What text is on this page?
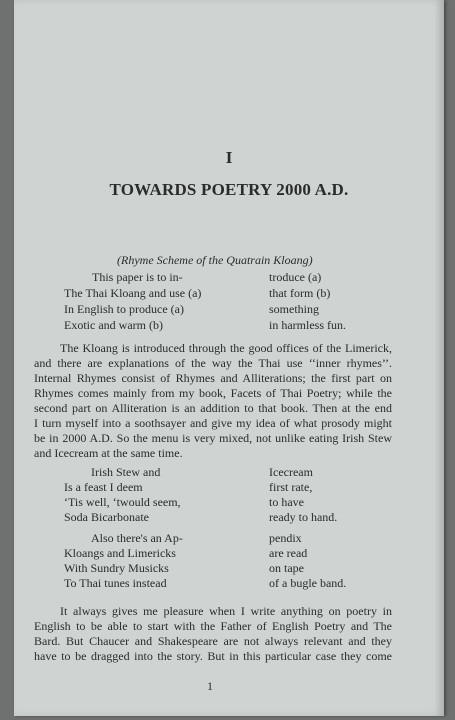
I
TOWARDS POETRY 2000 A.D.
(Rhyme Scheme of the Quatrain Kloang)
This paper is to in-	troduce (a)
The Thai Kloang and use (a)	that form (b)
In English to produce (a)	something
Exotic and warm (b)	in harmless fun.
The Kloang is introduced through the good offices of the Limerick,
and there are explanations of the way the Thai use ‘‘inner rhymes’’.
Internal Rhymes consist of Rhymes and Alliterations; the first part on
Rhymes comes mainly from my book, Facets of Thai Poetry; while the
second part on Alliteration is an addition to that book. Then at the end
I turn myself into a soothsayer and give my idea of what prosody might
be in 2000 A.D. So the menu is very mixed, not unlike eating Irish Stew
and Icecream at the same time.
Irish Stew and	Icecream
Is a feast I deem	first rate,
‘Tis well, ‘twould seem,	to have
Soda Bicarbonate	ready to hand.
Also there's an Ap-	pendix
Kloangs and Limericks	are read
With Sundry Musicks	on tape
To Thai tunes instead	of a bugle band.
It always gives me pleasure when I write anything on poetry in
English to be able to start with the Father of English Poetry and The
Bard. But Chaucer and Shakespeare are not always relevant and they
have to be dragged into the story. But in this particular case they come
1
